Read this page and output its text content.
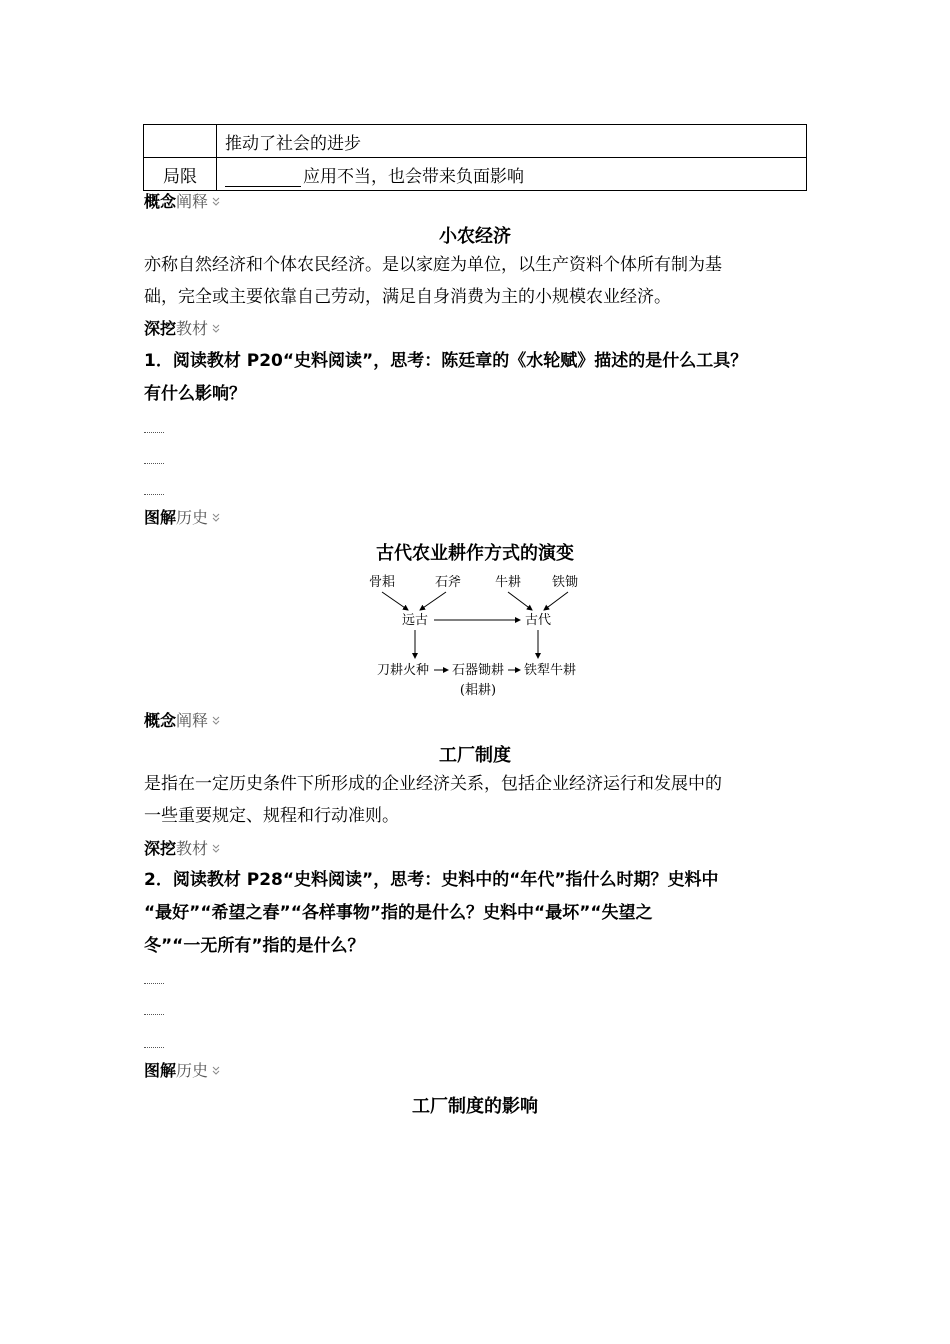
	推动了社会的进步
局限	应用不当，也会带来负面影响
概念 阐释
小农经济
亦称自然经济和个体农民经济。是以家庭为单位，以生产资料个体所有制为基
础，完全或主要依靠自己劳动，满足自身消费为主的小规模农业经济。
深挖 教材
1．阅读教材 P20“史料阅读”，思考：陈廷章的《水轮赋》描述的是什么工具？
有什么影响？
图解 历史
古代农业耕作方式的演变
骨耜	石斧	牛耕 铁锄
远古	古代
刀耕火种 石器锄耕 铁犁牛耕
(耜耕)
概念 阐释
工厂制度
是指在一定历史条件下所形成的企业经济关系，包括企业经济运行和发展中的
一些重要规定、规程和行动准则。
深挖 教材
2．阅读教材 P28“史料阅读”，思考：史料中的“年代”指什么时期？史料中
“最好”“希望之春”“各样事物”指的是什么？史料中“最坏”“失望之
冬”“一无所有”指的是什么？
图解 历史
工厂制度的影响
